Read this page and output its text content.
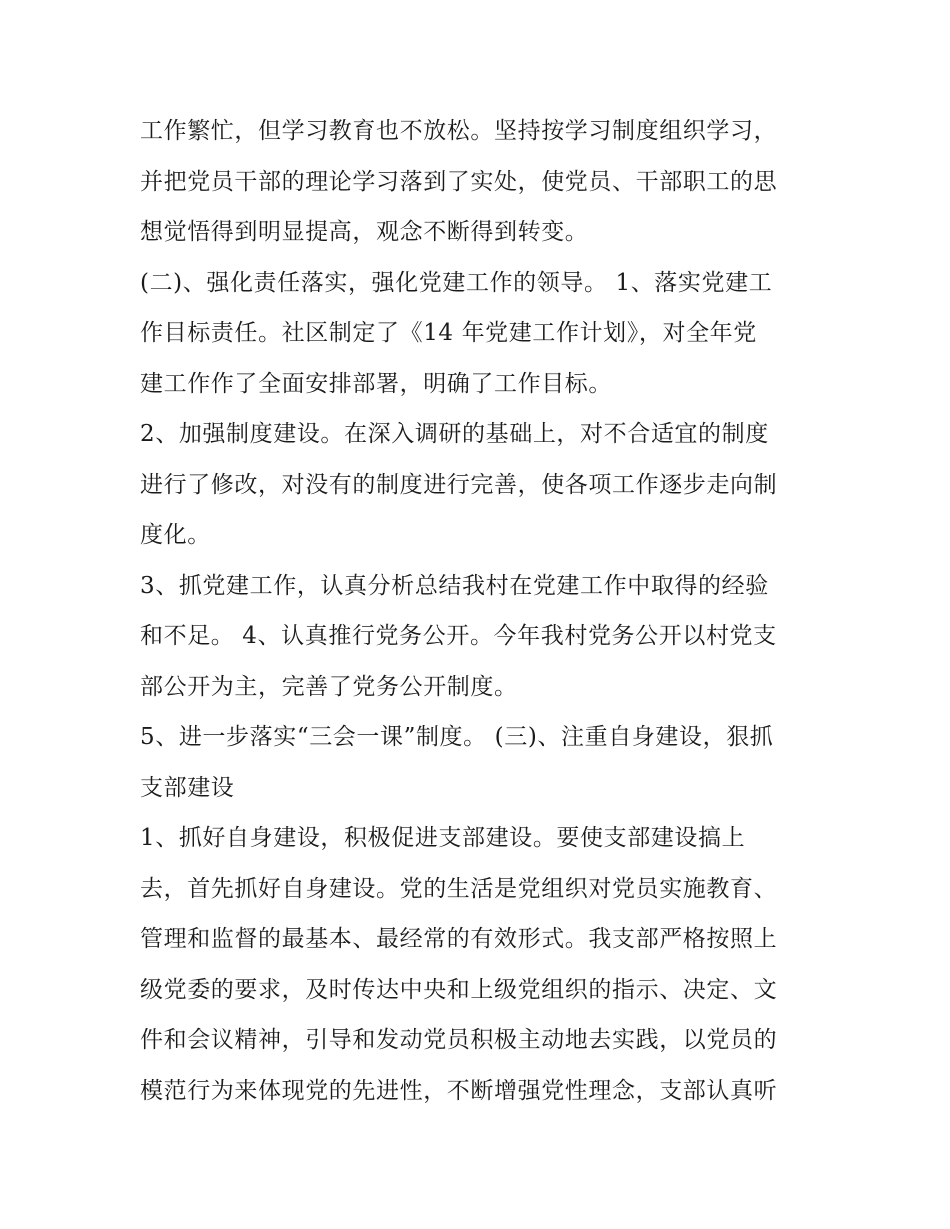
工作繁忙，但学习教育也不放松。坚持按学习制度组织学习，
并把党员干部的理论学习落到了实处，使党员、干部职工的思
想觉悟得到明显提高，观念不断得到转变。
(二)、强化责任落实，强化党建工作的领导。 1、落实党建工
作目标责任。社区制定了《14 年党建工作计划》，对全年党
建工作作了全面安排部署，明确了工作目标。
2、加强制度建设。在深入调研的基础上，对不合适宜的制度
进行了修改，对没有的制度进行完善，使各项工作逐步走向制
度化。
3、抓党建工作，认真分析总结我村在党建工作中取得的经验
和不足。 4、认真推行党务公开。今年我村党务公开以村党支
部公开为主，完善了党务公开制度。
5、进一步落实“三会一课”制度。 (三)、注重自身建设，狠抓
支部建设
1、抓好自身建设，积极促进支部建设。要使支部建设搞上
去，首先抓好自身建设。党的生活是党组织对党员实施教育、
管理和监督的最基本、最经常的有效形式。我支部严格按照上
级党委的要求，及时传达中央和上级党组织的指示、决定、文
件和会议精神，引导和发动党员积极主动地去实践，以党员的
模范行为来体现党的先进性，不断增强党性理念，支部认真听
